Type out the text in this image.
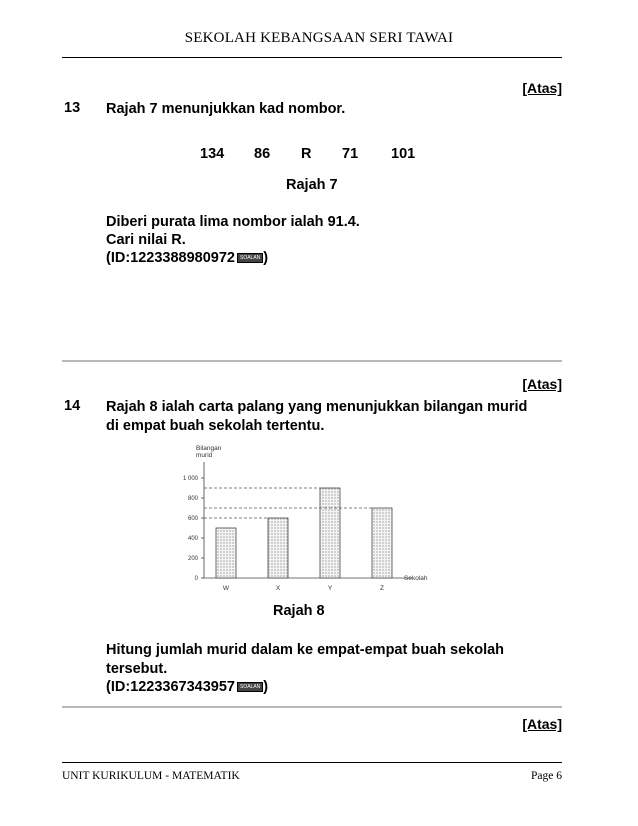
SEKOLAH KEBANGSAAN SERI TAWAI
[Atas]
13 Rajah 7 menunjukkan kad nombor.
134 86 R 71 101
Rajah 7
Diberi purata lima nombor ialah 91.4.
Cari nilai R.
(ID:1223388980972 SOALAN )
[Atas]
14 Rajah 8 ialah carta palang yang menunjukkan bilangan murid
di empat buah sekolah tertentu.
Bilangan
murid
0
200
400
600
800
1 000
W	X	Y	Z
Sekolah
Rajah 8
Hitung jumlah murid dalam ke empat-empat buah sekolah
tersebut.
(ID:1223367343957 SOALAN )
[Atas]
UNIT KURIKULUM - MATEMATIK	Page 6
